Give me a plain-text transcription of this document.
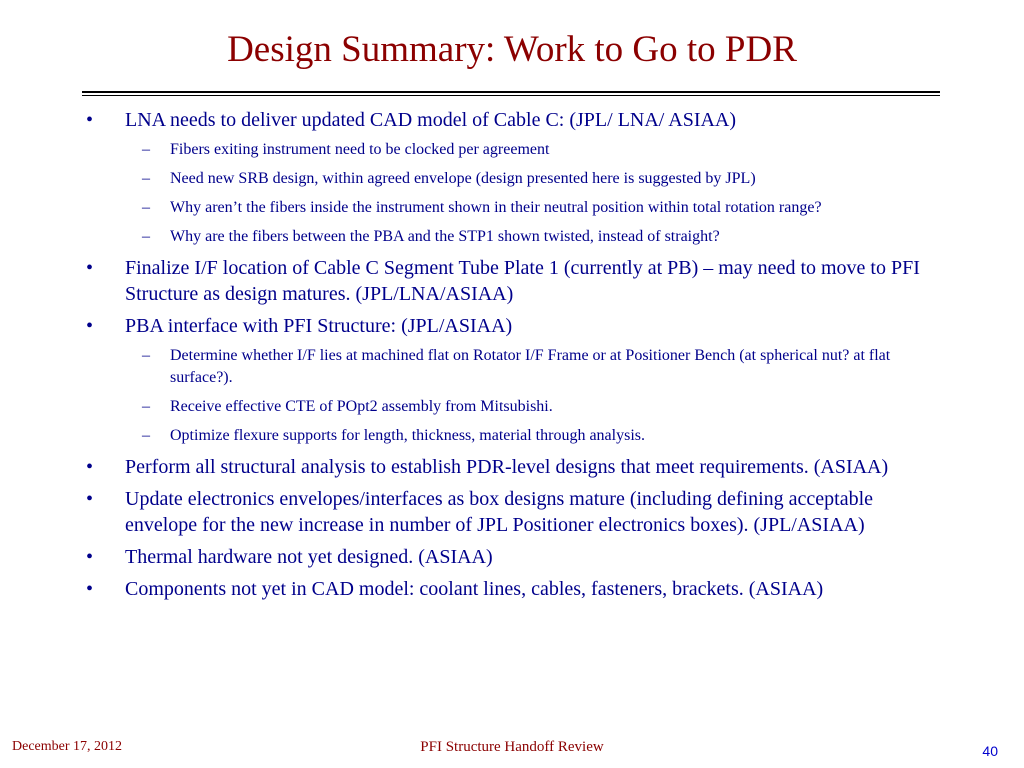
Design Summary: Work to Go to PDR
• LNA needs to deliver updated CAD model of Cable C: (JPL/ LNA/ ASIAA)
– Fibers exiting instrument need to be clocked per agreement
– Need new SRB design, within agreed envelope (design presented here is suggested by JPL)
– Why aren’t the fibers inside the instrument shown in their neutral position within total rotation range?
– Why are the fibers between the PBA and the STP1 shown twisted, instead of straight?
• Finalize I/F location of Cable C Segment Tube Plate 1 (currently at PB) – may need to move to PFI Structure as design matures. (JPL/LNA/ASIAA)
• PBA interface with PFI Structure: (JPL/ASIAA)
– Determine whether I/F lies at machined flat on Rotator I/F Frame or at Positioner Bench (at spherical nut? at flat surface?).
– Receive effective CTE of POpt2 assembly from Mitsubishi.
– Optimize flexure supports for length, thickness, material through analysis.
• Perform all structural analysis to establish PDR-level designs that meet requirements. (ASIAA)
• Update electronics envelopes/interfaces as box designs mature (including defining acceptable envelope for the new increase in number of JPL Positioner electronics boxes). (JPL/ASIAA)
• Thermal hardware not yet designed. (ASIAA)
• Components not yet in CAD model: coolant lines, cables, fasteners, brackets. (ASIAA)
December 17, 2012	PFI Structure Handoff Review	40
